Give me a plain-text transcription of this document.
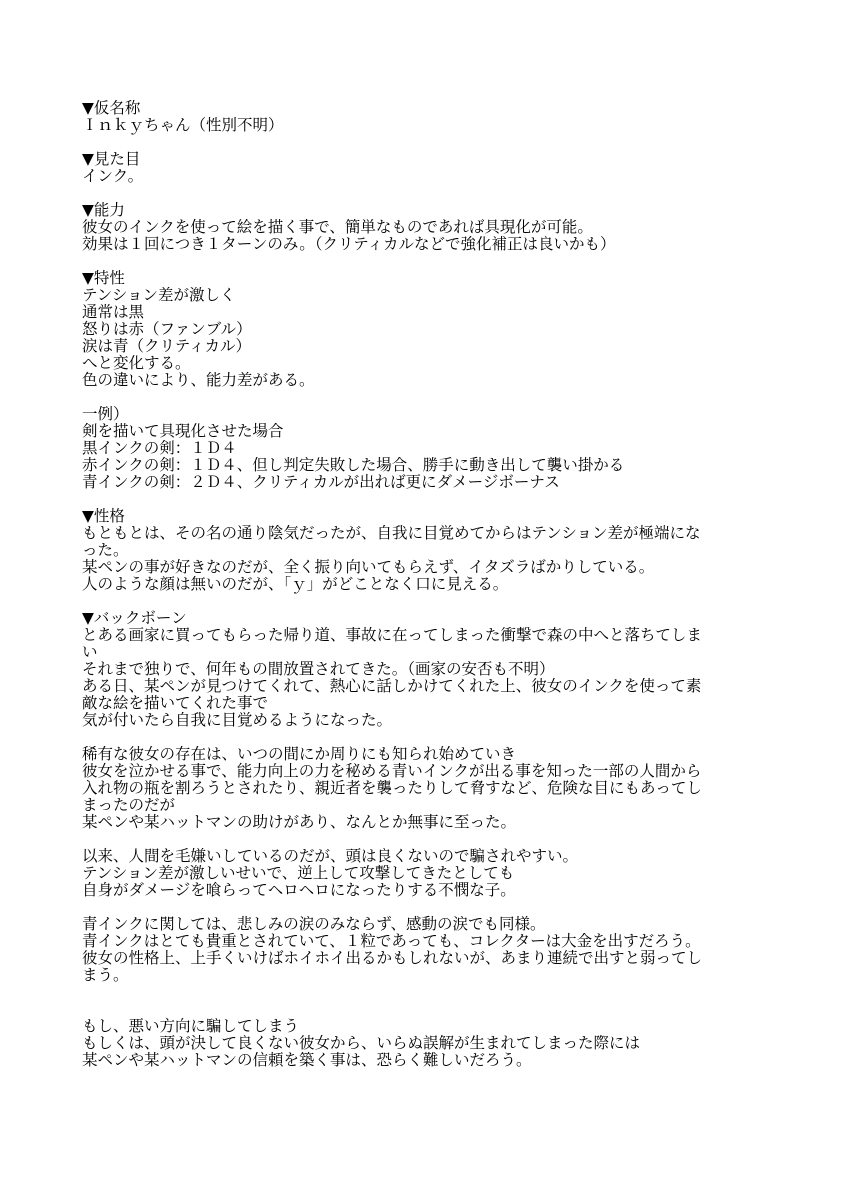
▼仮名称
Ｉｎｋｙちゃん（性別不明）
▼見た目
インク。
▼能力
彼女のインクを使って絵を描く事で、簡単なものであれば具現化が可能。
効果は１回につき１ターンのみ。（クリティカルなどで強化補正は良いかも）
▼特性
テンション差が激しく
通常は黒
怒りは赤（ファンブル）
涙は青（クリティカル）
へと変化する。
色の違いにより、能力差がある。
一例）
剣を描いて具現化させた場合
黒インクの剣：１Ｄ４
赤インクの剣：１Ｄ４、但し判定失敗した場合、勝手に動き出して襲い掛かる
青インクの剣：２Ｄ４、クリティカルが出れば更にダメージボーナス
▼性格
もともとは、その名の通り陰気だったが、自我に目覚めてからはテンション差が極端にな
った。
某ペンの事が好きなのだが、全く振り向いてもらえず、イタズラばかりしている。
人のような顔は無いのだが、「ｙ」がどことなく口に見える。
▼バックボーン
とある画家に買ってもらった帰り道、事故に在ってしまった衝撃で森の中へと落ちてしま
い
それまで独りで、何年もの間放置されてきた。（画家の安否も不明）
ある日、某ペンが見つけてくれて、熱心に話しかけてくれた上、彼女のインクを使って素
敵な絵を描いてくれた事で
気が付いたら自我に目覚めるようになった。
稀有な彼女の存在は、いつの間にか周りにも知られ始めていき
彼女を泣かせる事で、能力向上の力を秘める青いインクが出る事を知った一部の人間から
入れ物の瓶を割ろうとされたり、親近者を襲ったりして脅すなど、危険な目にもあってし
まったのだが
某ペンや某ハットマンの助けがあり、なんとか無事に至った。
以来、人間を毛嫌いしているのだが、頭は良くないので騙されやすい。
テンション差が激しいせいで、逆上して攻撃してきたとしても
自身がダメージを喰らってヘロヘロになったりする不憫な子。
青インクに関しては、悲しみの涙のみならず、感動の涙でも同様。
青インクはとても貴重とされていて、１粒であっても、コレクターは大金を出すだろう。
彼女の性格上、上手くいけばホイホイ出るかもしれないが、あまり連続で出すと弱ってし
まう。
もし、悪い方向に騙してしまう
もしくは、頭が決して良くない彼女から、いらぬ誤解が生まれてしまった際には
某ペンや某ハットマンの信頼を築く事は、恐らく難しいだろう。
